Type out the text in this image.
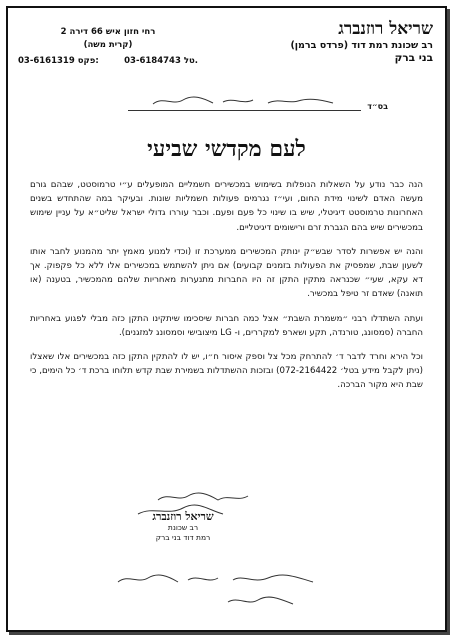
שריאל רוזנברג
רב שכונת רמת דוד (פרדס ברמן)
בני ברק
רחי חזון איש 66 דירה 2
(קרית משה)
03-6161319 פקס:	03-6184743 טל.
בס״ד
לעם מקדשי שביעי

הנה כבר נודע על השאלות הנופלות בשימוש במכשירים חשמליים המופעלים ע״י טרמוסטט, שבהם גורם מעשה האדם לשינוי מידת החום, ועי״ז נגרמים פעולות חשמליות שונות. ובעיקר במה שהתחדש בשנים האחרונות טרמוסטט דיגיטלי, שיש בו שינוי כל פעם ופעם. וכבר עוררו גדולי ישראל שליט״א על עניין שימוש במכשירים שיש בהם הגברת זרם ורישומים דיגיטליים.

והנה יש אפשרות לסדר שבש״ק ינותק המכשירים ממערכת זו (וכדי למנוע מאמץ יתר מהמנוע לחבר אותו לשעון שבת, שמפסיק את הפעולות בזמנים קבועים) אם ניתן להשתמש במכשירים אלו ללא כל פקפוק. אך דא עקא, שעי״ שכנראה מתקין התקן זה היו החברות מתנערות מאחריות שלהם מהמכשיר, בטענה (או תואנה) שאדם זר טיפל במכשיר.

ועתה השתדלו רבני ״משמרת השבת״ אצל כמה חברות שיסכימו שיתקינו התקן כזה מבלי לפגוע באחריות החברה (סמסונג, טורנדה, תקע ושארפ למקררים, ו- LG מיצובישי וסמסונג למזגנים).

וכל הירא וחרד לדבר ד׳ להתרחק מכל צל וספק איסור ח״ו, יש לו להתקין התקן כזה במכשירים אלו שאצלו (ניתן לקבל מידע בטל׳ 072-2164422) ובזכות ההשתדלות בשמירת שבת קדש תלוחו ברכת ד׳ כל הימים, כי שבת היא מקור הברכה.

שריאל רוזנברג
רב שכונת
רמת דוד בני ברק
